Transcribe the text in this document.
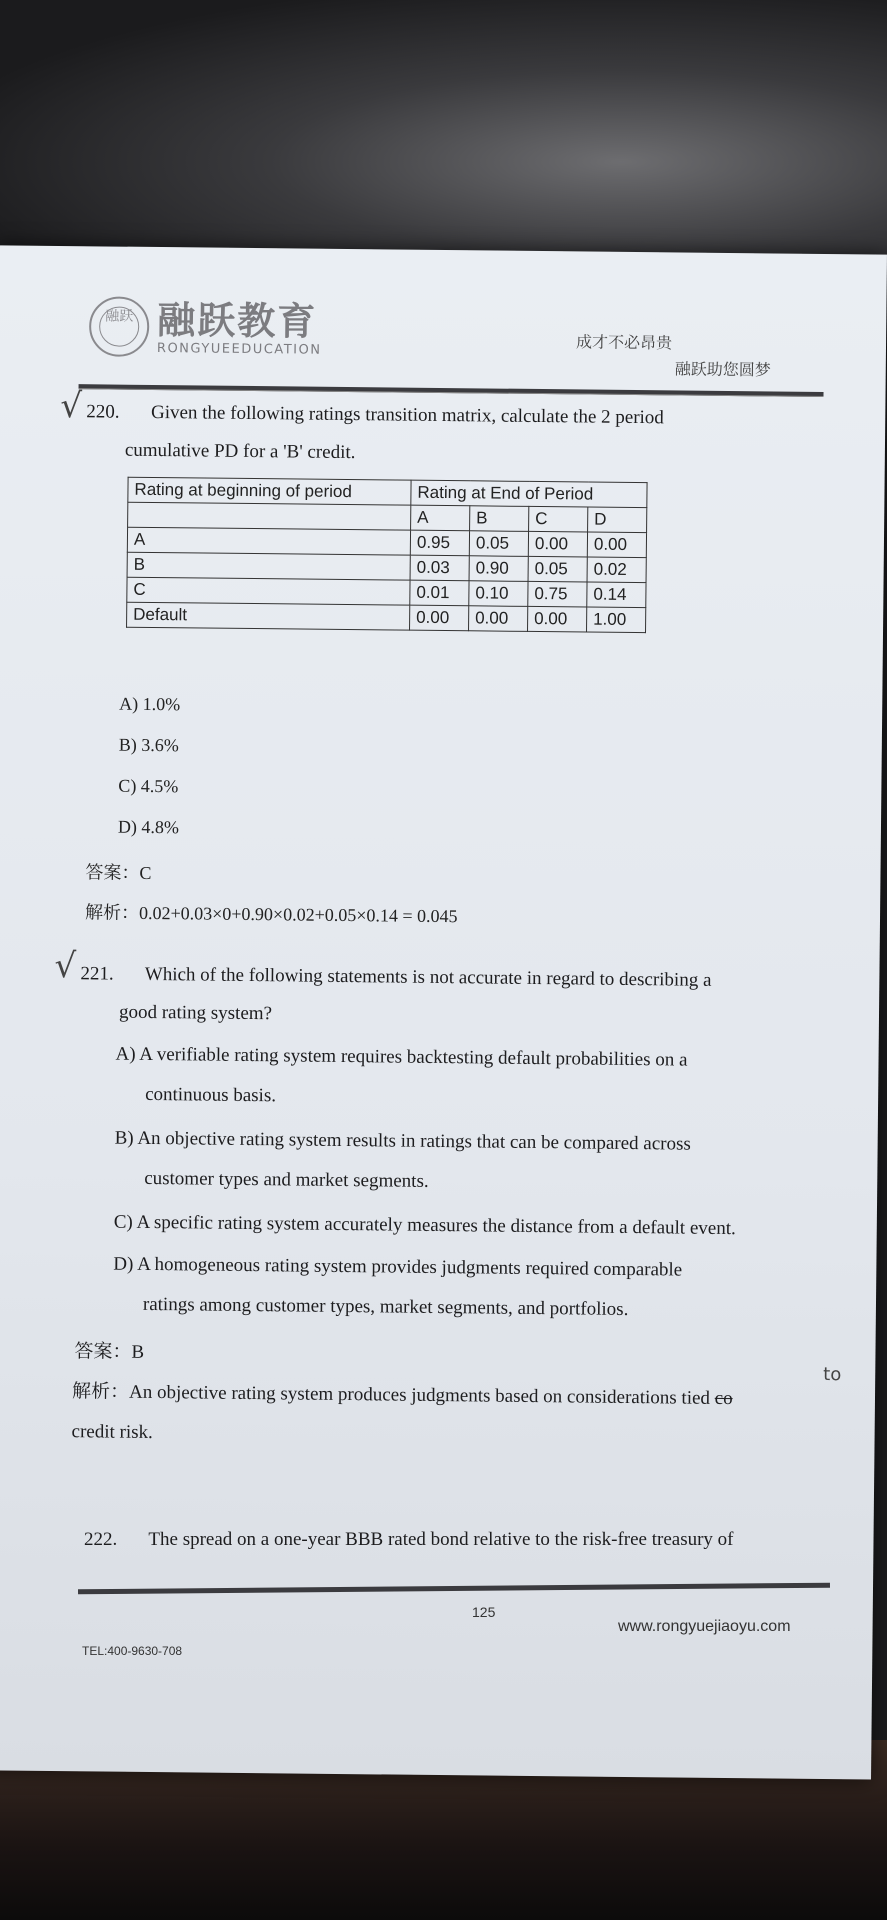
融跃 融跃教育
RONGYUEEDUCATION	成才不必昂贵
融跃助您圆梦
√ 220. Given the following ratings transition matrix, calculate the 2 period
cumulative PD for a 'B' credit.
Rating at beginning of period	Rating at End of Period			
	A	B	C	D
A	0.95	0.05	0.00	0.00
B	0.03	0.90	0.05	0.02
C	0.01	0.10	0.75	0.14
Default	0.00	0.00	0.00	1.00
A) 1.0%
B) 3.6%
C) 4.5%
D) 4.8%
答案：C
解析：0.02+0.03×0+0.90×0.02+0.05×0.14 = 0.045
√ 221. Which of the following statements is not accurate in regard to describing a
good rating system?
A) A verifiable rating system requires backtesting default probabilities on a
continuous basis.
B) An objective rating system results in ratings that can be compared across
customer types and market segments.
C) A specific rating system accurately measures the distance from a default event.
D) A homogeneous rating system provides judgments required comparable
ratings among customer types, market segments, and portfolios.
答案：B
解析：An objective rating system produces judgments based on considerations tied co
to
credit risk.
222. The spread on a one-year BBB rated bond relative to the risk-free treasury of
125
TEL:400-9630-708
www.rongyuejiaoyu.com
